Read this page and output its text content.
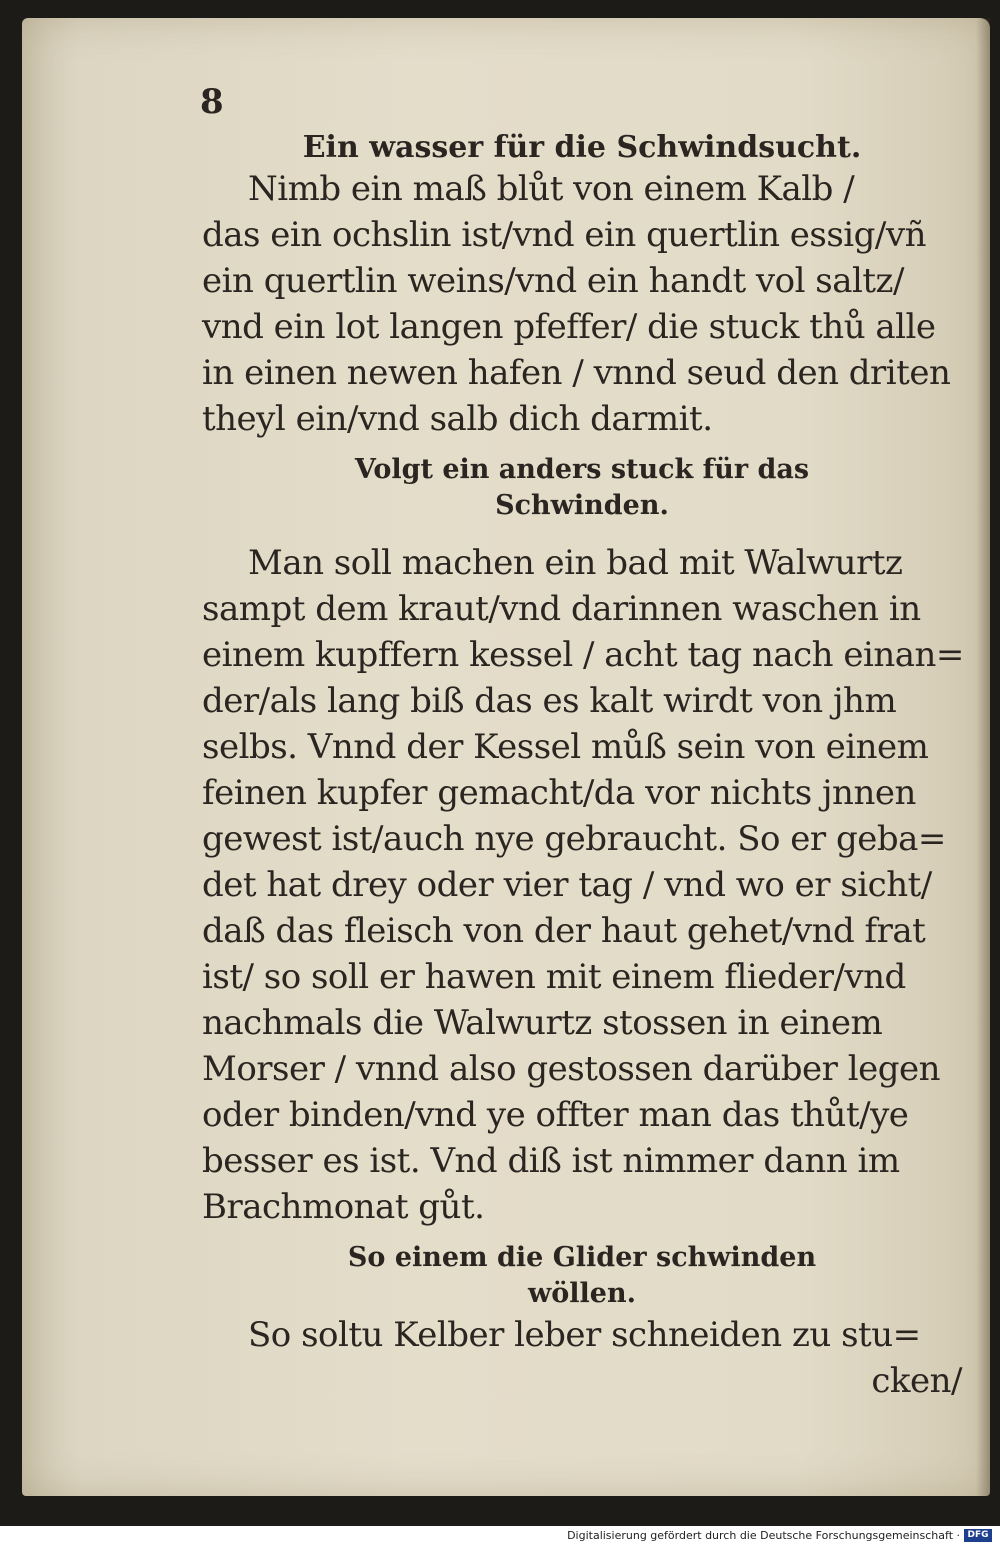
8

Ein wasser für die Schwindsucht.

Nimb ein maß blůt von einem Kalb /

das ein ochslin ist/vnd ein quertlin essig/vñ

ein quertlin weins/vnd ein handt vol saltz/

vnd ein lot langen pfeffer/ die stuck thů alle

in einen newen hafen / vnnd seud den driten

theyl ein/vnd salb dich darmit.

Volgt ein anders stuck für das

Schwinden.

Man soll machen ein bad mit Walwurtz

sampt dem kraut/vnd darinnen waschen in

einem kupffern kessel / acht tag nach einan=

der/als lang biß das es kalt wirdt von jhm

selbs. Vnnd der Kessel můß sein von einem

feinen kupfer gemacht/da vor nichts jnnen

gewest ist/auch nye gebraucht. So er geba=

det hat drey oder vier tag / vnd wo er sicht/

daß das fleisch von der haut gehet/vnd frat

ist/ so soll er hawen mit einem flieder/vnd

nachmals die Walwurtz stossen in einem

Morser / vnnd also gestossen darüber legen

oder binden/vnd ye offter man das thůt/ye

besser es ist. Vnd diß ist nimmer dann im

Brachmonat gůt.

So einem die Glider schwinden

wöllen.

So soltu Kelber leber schneiden zu stu=

cken/

Digitalisierung gefördert durch die Deutsche Forschungsgemeinschaft · DFG
